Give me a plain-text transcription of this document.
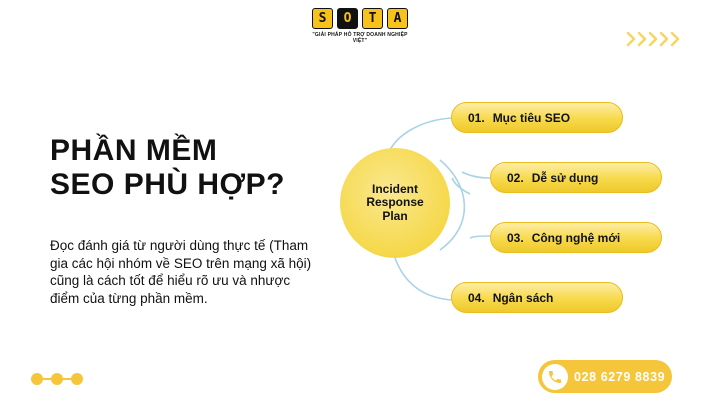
S	O	T	A
"GIẢI PHÁP HỖ TRỢ DOANH NGHIỆP VIỆT"
PHẦN MỀM
SEO PHÙ HỢP?
Đọc đánh giá từ người dùng thực tế (Tham gia các hội nhóm về SEO trên mạng xã hội) cũng là cách tốt để hiểu rõ ưu và nhược điểm của từng phần mềm.
Incident Response Plan
01. Mục tiêu SEO
02. Dễ sử dụng
03. Công nghệ mới
04. Ngân sách
028 6279 8839
